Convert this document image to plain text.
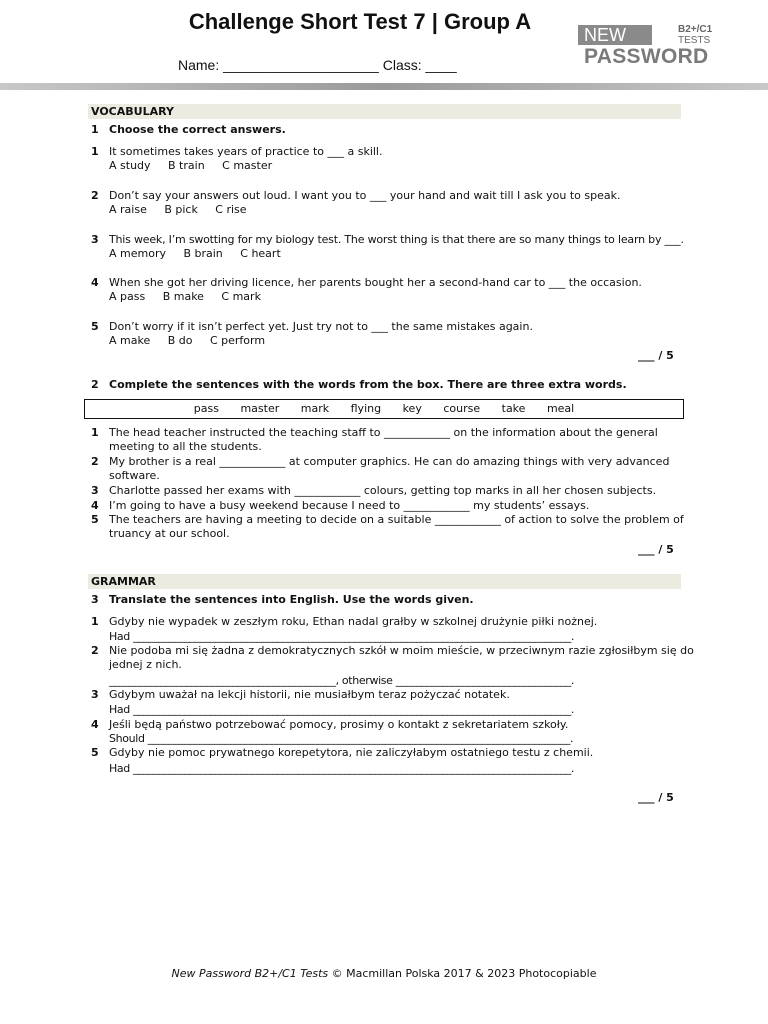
Challenge Short Test 7 | Group A
Name: ____________________ Class: ____
NEW	B2+/C1
TESTS
PASSWORD
VOCABULARY
1 Choose the correct answers.
1 It sometimes takes years of practice to ___ a skill.
A study     B train     C master
2 Don’t say your answers out loud. I want you to ___ your hand and wait till I ask you to speak.
A raise     B pick     C rise
3 This week, I’m swotting for my biology test. The worst thing is that there are so many things to learn by ___.
A memory     B brain     C heart
4 When she got her driving licence, her parents bought her a second-hand car to ___ the occasion.
A pass     B make     C mark
5 Don’t worry if it isn’t perfect yet. Just try not to ___ the same mistakes again.
A make     B do     C perform
___ / 5
2 Complete the sentences with the words from the box. There are three extra words.
pass master mark flying key course take meal
1 The head teacher instructed the teaching staff to ____________ on the information about the general
meeting to all the students.
2 My brother is a real ____________ at computer graphics. He can do amazing things with very advanced
software.
3 Charlotte passed her exams with ____________ colours, getting top marks in all her chosen subjects.
4 I’m going to have a busy weekend because I need to ____________ my students’ essays.
5 The teachers are having a meeting to decide on a suitable ____________ of action to solve the problem of
truancy at our school.
___ / 5
GRAMMAR
3 Translate the sentences into English. Use the words given.
1 Gdyby nie wypadek w zeszłym roku, Ethan nadal grałby w szkolnej drużynie piłki nożnej.
Had _____________________________________________________________________________________.
2 Nie podoba mi się żadna z demokratycznych szkół w moim mieście, w przeciwnym razie zgłosiłbym się do
jednej z nich.
____________________________________________, otherwise __________________________________.
3 Gdybym uważał na lekcji historii, nie musiałbym teraz pożyczać notatek.
Had _____________________________________________________________________________________.
4 Jeśli będą państwo potrzebować pomocy, prosimy o kontakt z sekretariatem szkoły.
Should __________________________________________________________________________________.
5 Gdyby nie pomoc prywatnego korepetytora, nie zaliczyłabym ostatniego testu z chemii.
Had _____________________________________________________________________________________.
___ / 5
New Password B2+/C1 Tests © Macmillan Polska 2017 & 2023 Photocopiable
